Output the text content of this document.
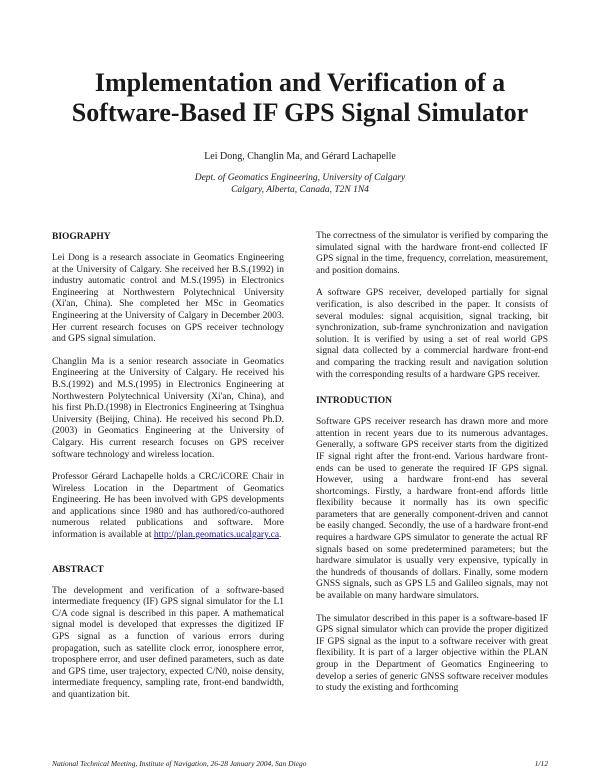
Implementation and Verification of a Software-Based IF GPS Signal Simulator
Lei Dong, Changlin Ma, and Gérard Lachapelle
Dept. of Geomatics Engineering, University of Calgary
Calgary, Alberta, Canada, T2N 1N4
BIOGRAPHY

Lei Dong is a research associate in Geomatics Engineering at the University of Calgary. She received her B.S.(1992) in industry automatic control and M.S.(1995) in Electronics Engineering at Northwestern Polytechnical University (Xi'an, China). She completed her MSc in Geomatics Engineering at the University of Calgary in December 2003. Her current research focuses on GPS receiver technology and GPS signal simulation.

Changlin Ma is a senior research associate in Geomatics Engineering at the University of Calgary. He received his B.S.(1992) and M.S.(1995) in Electronics Engineering at Northwestern Polytechnical University (Xi'an, China), and his first Ph.D.(1998) in Electronics Engineering at Tsinghua University (Beijing, China). He received his second Ph.D.(2003) in Geomatics Engineering at the University of Calgary. His current research focuses on GPS receiver software technology and wireless location.

Professor Gérard Lachapelle holds a CRC/iCORE Chair in Wireless Location in the Department of Geomatics Engineering. He has been involved with GPS developments and applications since 1980 and has authored/co-authored numerous related publications and software. More information is available at http://plan.geomatics.ucalgary.ca.

ABSTRACT

The development and verification of a software-based intermediate frequency (IF) GPS signal simulator for the L1 C/A code signal is described in this paper. A mathematical signal model is developed that expresses the digitized IF GPS signal as a function of various errors during propagation, such as satellite clock error, ionosphere error, troposphere error, and user defined parameters, such as date and GPS time, user trajectory, expected C/N0, noise density, intermediate frequency, sampling rate, front-end bandwidth, and quantization bit.

The correctness of the simulator is verified by comparing the simulated signal with the hardware front-end collected IF GPS signal in the time, frequency, correlation, measurement, and position domains.

A software GPS receiver, developed partially for signal verification, is also described in the paper. It consists of several modules: signal acquisition, signal tracking, bit synchronization, sub-frame synchronization and navigation solution. It is verified by using a set of real world GPS signal data collected by a commercial hardware front-end and comparing the tracking result and navigation solution with the corresponding results of a hardware GPS receiver.

INTRODUCTION

Software GPS receiver research has drawn more and more attention in recent years due to its numerous advantages. Generally, a software GPS receiver starts from the digitized IF signal right after the front-end. Various hardware front-ends can be used to generate the required IF GPS signal. However, using a hardware front-end has several shortcomings. Firstly, a hardware front-end affords little flexibility because it normally has its own specific parameters that are generally component-driven and cannot be easily changed. Secondly, the use of a hardware front-end requires a hardware GPS simulator to generate the actual RF signals based on some predetermined parameters; but the hardware simulator is usually very expensive, typically in the hundreds of thousands of dollars. Finally, some modern GNSS signals, such as GPS L5 and Galileo signals, may not be available on many hardware simulators.

The simulator described in this paper is a software-based IF GPS signal simulator which can provide the proper digitized IF GPS signal as the input to a software receiver with great flexibility. It is part of a larger objective within the PLAN group in the Department of Geomatics Engineering to develop a series of generic GNSS software receiver modules to study the existing and forthcoming

National Technical Meeting, Institute of Navigation, 26-28 January 2004, San Diego	1/12
